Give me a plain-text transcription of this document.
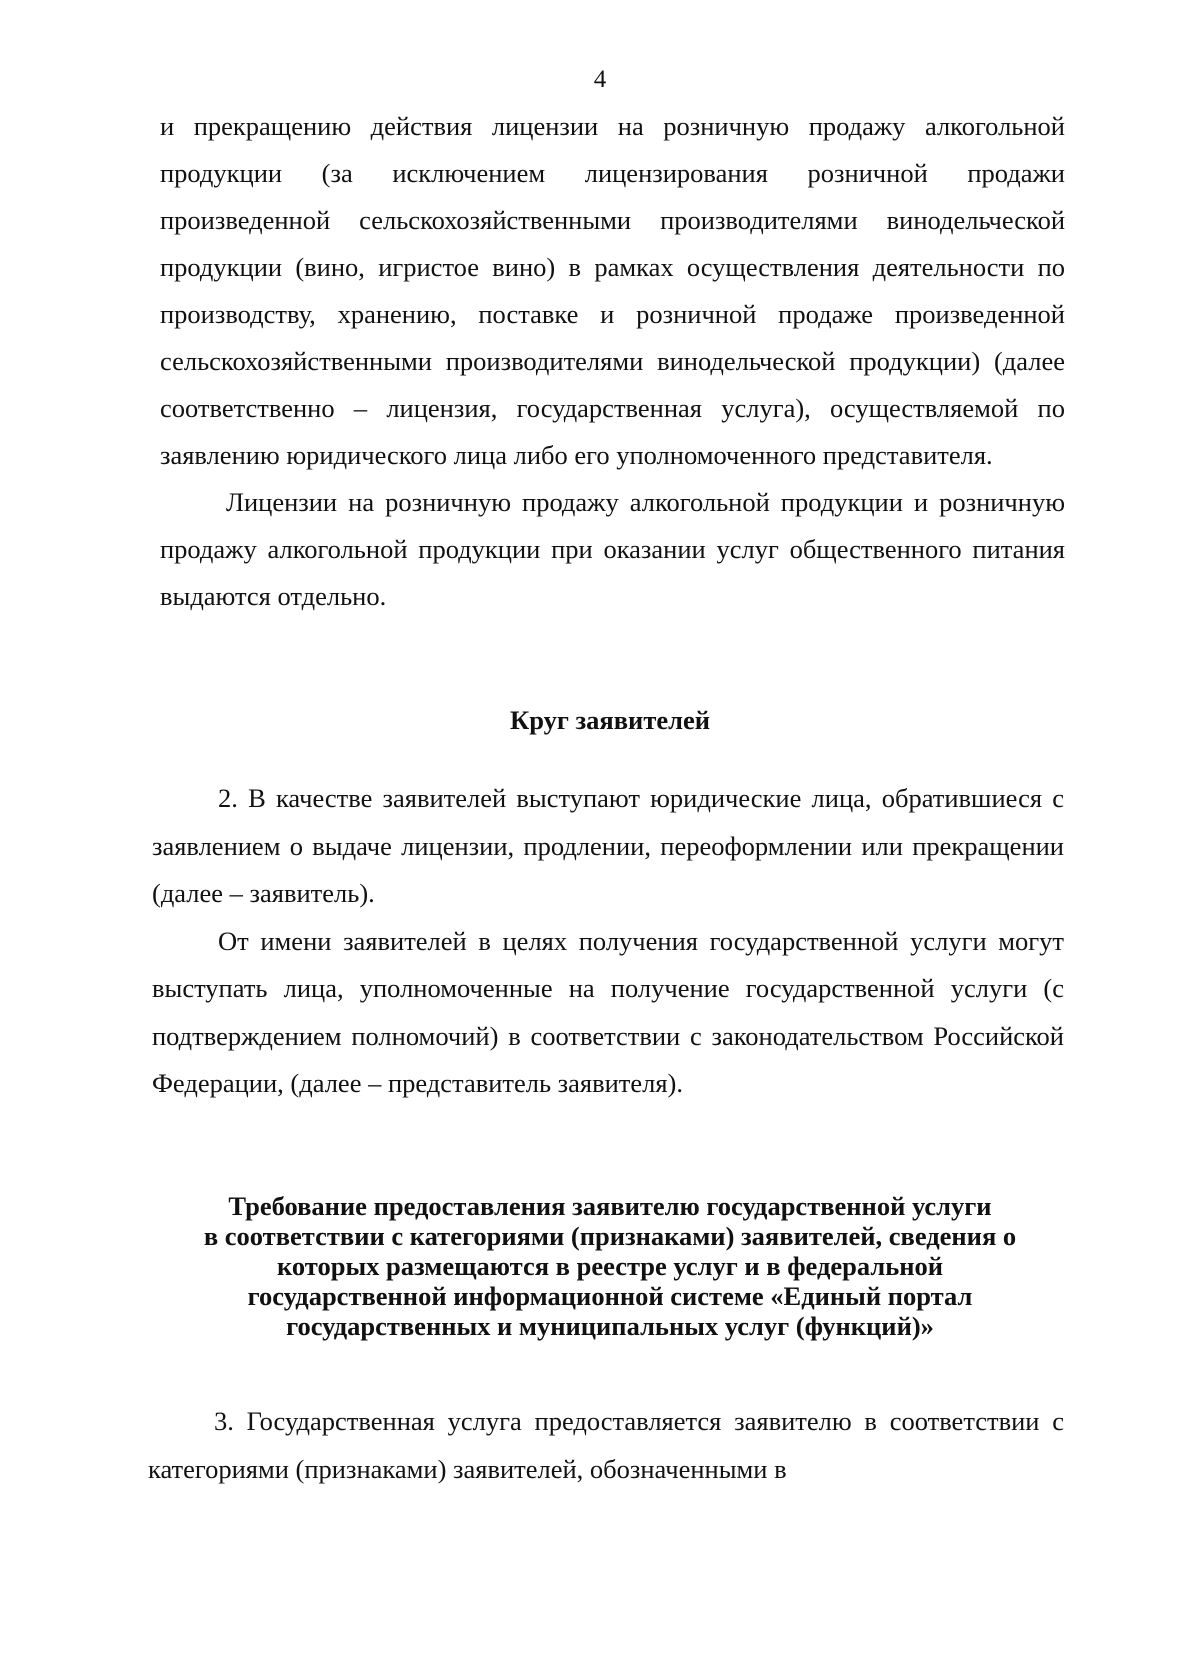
4

и прекращению действия лицензии на розничную продажу алкогольной продукции (за исключением лицензирования розничной продажи произведенной сельскохозяйственными производителями винодельческой продукции (вино, игристое вино) в рамках осуществления деятельности по производству, хранению, поставке и розничной продаже произведенной сельскохозяйственными производителями винодельческой продукции) (далее соответственно – лицензия, государственная услуга), осуществляемой по заявлению юридического лица либо его уполномоченного представителя.

Лицензии на розничную продажу алкогольной продукции и розничную продажу алкогольной продукции при оказании услуг общественного питания выдаются отдельно.

Круг заявителей

2. В качестве заявителей выступают юридические лица, обратившиеся с заявлением о выдаче лицензии, продлении, переоформлении или прекращении (далее – заявитель).

От имени заявителей в целях получения государственной услуги могут выступать лица, уполномоченные на получение государственной услуги (с подтверждением полномочий) в соответствии с законодательством Российской Федерации, (далее – представитель заявителя).

Требование предоставления заявителю государственной услуги
в соответствии с категориями (признаками) заявителей, сведения о
которых размещаются в реестре услуг и в федеральной
государственной информационной системе «Единый портал
государственных и муниципальных услуг (функций)»

3. Государственная услуга предоставляется заявителю в соответствии с категориями (признаками) заявителей, обозначенными в
